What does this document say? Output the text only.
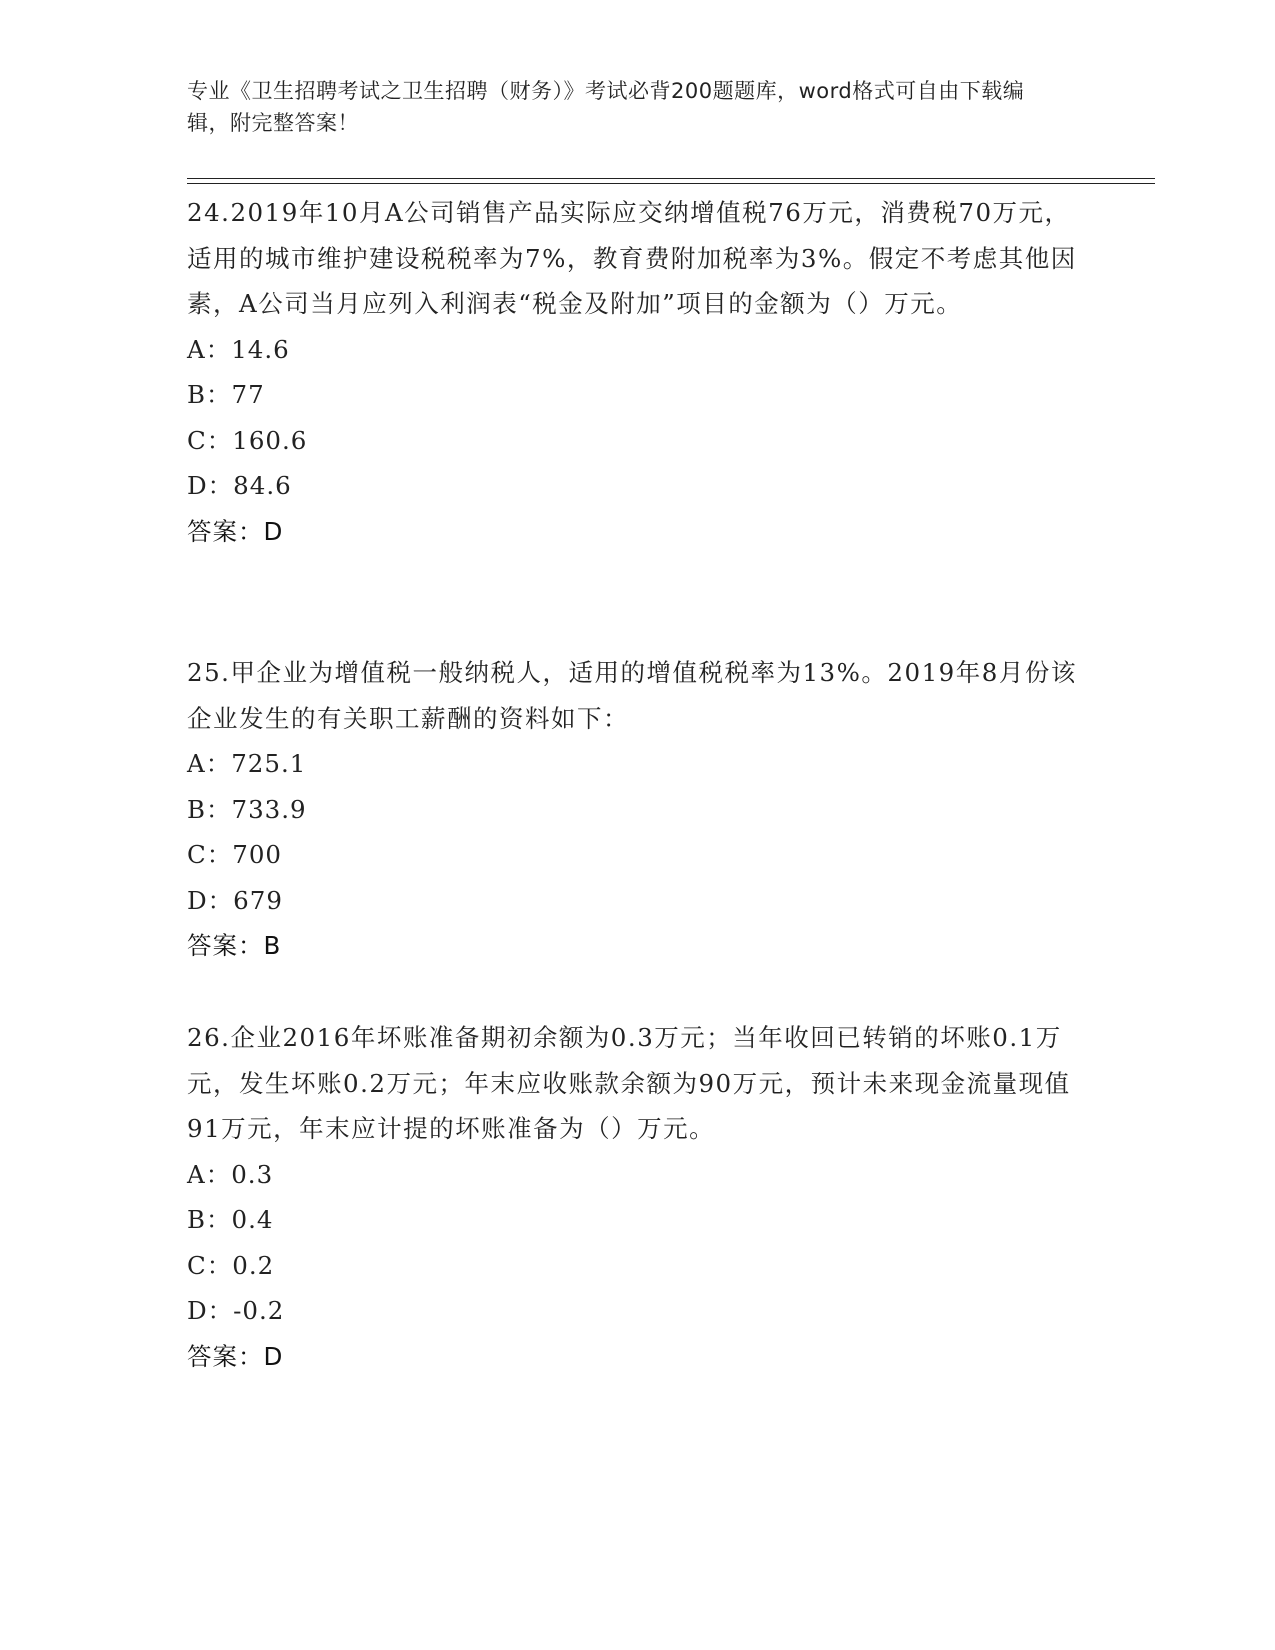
专业《卫生招聘考试之卫生招聘（财务）》考试必背200题题库，word格式可自由下载编辑，附完整答案！

24.2019年10月A公司销售产品实际应交纳增值税76万元，消费税70万元，适用的城市维护建设税税率为7%，教育费附加税率为3%。假定不考虑其他因素，A公司当月应列入利润表“税金及附加”项目的金额为（）万元。

A：14.6

B：77

C：160.6

D：84.6

答案：D

25.甲企业为增值税一般纳税人，适用的增值税税率为13%。2019年8月份该企业发生的有关职工薪酬的资料如下：

A：725.1

B：733.9

C：700

D：679

答案：B

26.企业2016年坏账准备期初余额为0.3万元；当年收回已转销的坏账0.1万元，发生坏账0.2万元；年末应收账款余额为90万元，预计未来现金流量现值91万元，年末应计提的坏账准备为（）万元。

A：0.3

B：0.4

C：0.2

D：-0.2

答案：D
